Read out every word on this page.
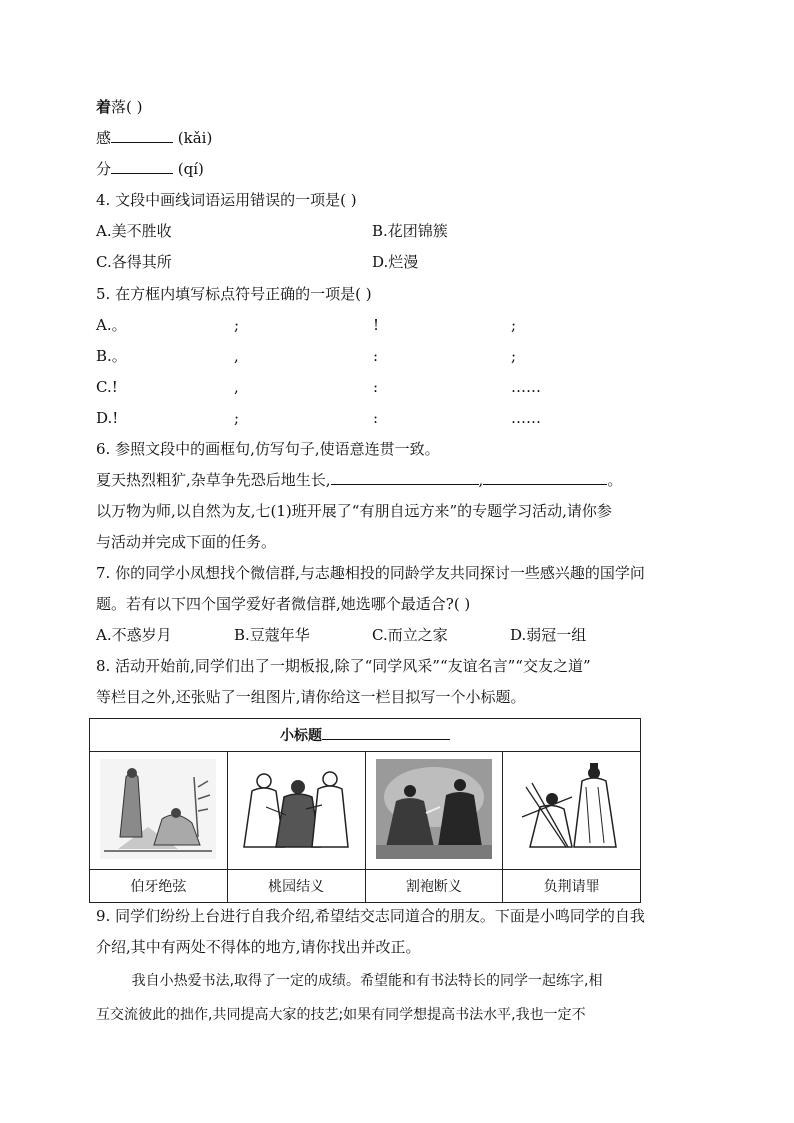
着落( )
感	(kǎi)
分	(qí)
4. 文段中画线词语运用错误的一项是( )
A.美不胜收	B.花团锦簇
C.各得其所	D.烂漫
5. 在方框内填写标点符号正确的一项是( )
A.。	;	!	;
B.。	,	:	;
C.!	,	:	……
D.!	;	:	……
6. 参照文段中的画框句,仿写句子,使语意连贯一致。
夏天热烈粗犷,杂草争先恐后地生长,	,	。
以万物为师,以自然为友,七(1)班开展了“有朋自远方来”的专题学习活动,请你参
与活动并完成下面的任务。
7. 你的同学小凤想找个微信群,与志趣相投的同龄学友共同探讨一些感兴趣的国学问
题。若有以下四个国学爱好者微信群,她选哪个最适合?( )
A.不惑岁月	B.豆蔻年华	C.而立之家	D.弱冠一组
8. 活动开始前,同学们出了一期板报,除了“同学风采”“友谊名言”“交友之道”
等栏目之外,还张贴了一组图片,请你给这一栏目拟写一个小标题。
小标题			

伯牙绝弦	桃园结义	割袍断义	负荆请罪
9. 同学们纷纷上台进行自我介绍,希望结交志同道合的朋友。下面是小鸣同学的自我
介绍,其中有两处不得体的地方,请你找出并改正。
我自小热爱书法,取得了一定的成绩。希望能和有书法特长的同学一起练字,相
互交流彼此的拙作,共同提高大家的技艺;如果有同学想提高书法水平,我也一定不
